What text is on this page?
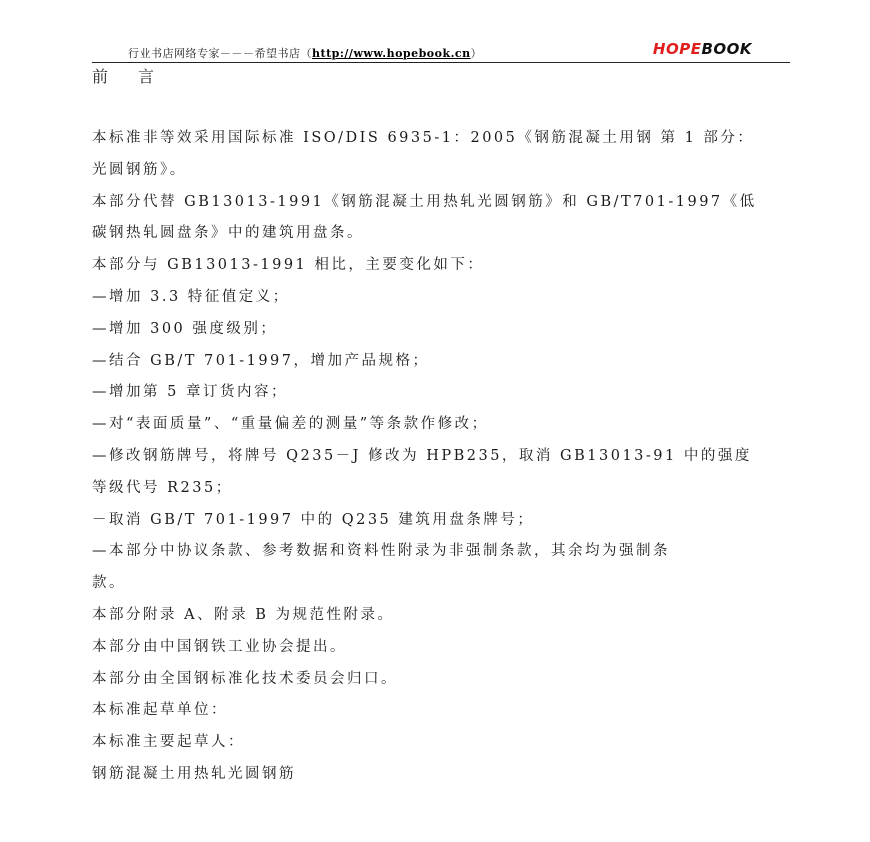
行业书店网络专家－－－希望书店（http://www.hopebook.cn）	HOPEBOOK
前言
本标准非等效采用国际标准 ISO/DIS 6935-1：2005《钢筋混凝土用钢 第 1 部分：
光圆钢筋》。
本部分代替 GB13013-1991《钢筋混凝土用热轧光圆钢筋》和 GB/T701-1997《低
碳钢热轧圆盘条》中的建筑用盘条。
本部分与 GB13013-1991 相比，主要变化如下：
—增加 3.3 特征值定义；
—增加 300 强度级别；
—结合 GB/T 701-1997，增加产品规格；
—增加第 5 章订货内容；
—对“表面质量”、“重量偏差的测量”等条款作修改；
—修改钢筋牌号，将牌号 Q235－J 修改为 HPB235，取消 GB13013-91 中的强度
等级代号 R235；
－取消 GB/T 701-1997 中的 Q235 建筑用盘条牌号；
—本部分中协议条款、参考数据和资料性附录为非强制条款，其余均为强制条
款。
本部分附录 A、附录 B 为规范性附录。
本部分由中国钢铁工业协会提出。
本部分由全国钢标准化技术委员会归口。
本标准起草单位：
本标准主要起草人：
钢筋混凝土用热轧光圆钢筋
